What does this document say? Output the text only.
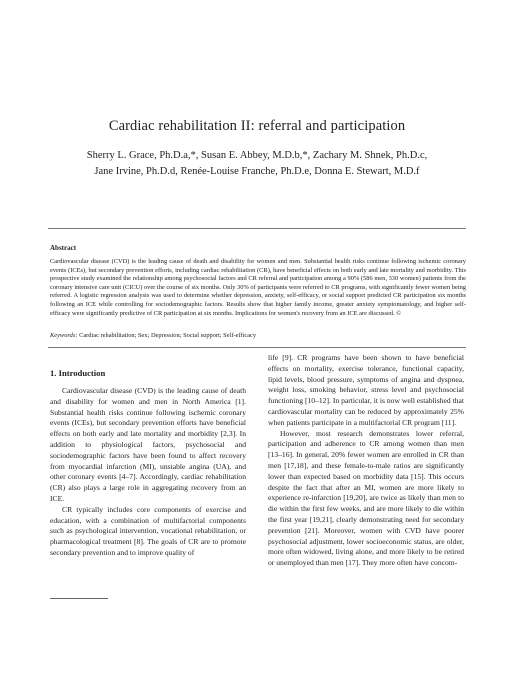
Cardiac rehabilitation II: referral and participation
Sherry L. Grace, Ph.D.a,*, Susan E. Abbey, M.D.b,*, Zachary M. Shnek, Ph.D.c,
Jane Irvine, Ph.D.d, Renée-Louise Franche, Ph.D.e, Donna E. Stewart, M.D.f
Abstract
Cardiovascular disease (CVD) is the leading cause of death and disability for women and men. Substantial health risks continue following ischemic coronary events (ICEs), but secondary prevention efforts, including cardiac rehabilitation (CR), have beneficial effects on both early and late mortality and morbidity. This prospective study examined the relationship among psychosocial factors and CR referral and participation among a 90% (586 men, 330 women) patients from the coronary intensive care unit (CICU) over the course of six months. Only 30% of participants were referred to CR programs, with significantly fewer women being referred. A logistic regression analysis was used to determine whether depression, anxiety, self-efficacy, or social support predicted CR participation six months following an ICE while controlling for sociodemographic factors. Results show that higher family income, greater anxiety symptomatology, and higher self-efficacy were significantly predictive of CR participation at six months. Implications for women's recovery from an ICE are discussed. ©
Keywords: Cardiac rehabilitation; Sex; Depression; Social support; Self-efficacy
1. Introduction

Cardiovascular disease (CVD) is the leading cause of death and disability for women and men in North America [1]. Substantial health risks continue following ischemic coronary events (ICEs), but secondary prevention efforts have beneficial effects on both early and late mortality and morbidity [2,3]. In addition to physiological factors, psychosocial and sociodemographic factors have been found to affect recovery from myocardial infarction (MI), unstable angina (UA), and other coronary events [4–7]. Accordingly, cardiac rehabilitation (CR) also plays a large role in aggregating recovery from an ICE.

CR typically includes core components of exercise and education, with a combination of multifactorial components such as psychological intervention, vocational rehabilitation, or pharmacological treatment [8]. The goals of CR are to promote secondary prevention and to improve quality of

life [9]. CR programs have been shown to have beneficial effects on mortality, exercise tolerance, functional capacity, lipid levels, blood pressure, symptoms of angina and dyspnea, weight loss, smoking behavior, stress level and psychosocial functioning [10–12]. In particular, it is now well established that cardiovascular mortality can be reduced by approximately 25% when patients participate in a multifactorial CR program [11].

However, most research demonstrates lower referral, participation and adherence to CR among women than men [13–16]. In general, 20% fewer women are enrolled in CR than men [17,18], and these female-to-male ratios are significantly lower than expected based on morbidity data [15]. This occurs despite the fact that after an MI, women are more likely to experience re-infarction [19,20], are twice as likely than men to die within the first few weeks, and are more likely to die within the first year [19,21], clearly demonstrating need for secondary prevention [21]. Moreover, women with CVD have poorer psychosocial adjustment, lower socioeconomic status, are older, more often widowed, living alone, and more likely to be retired or unemployed than men [17]. They more often have concom-
